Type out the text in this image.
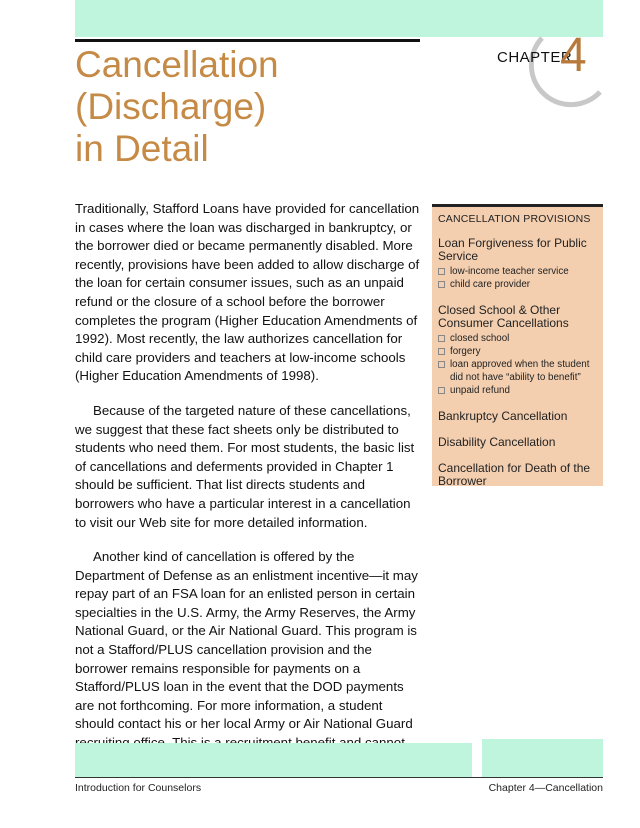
CHAPTER
4
Cancellation
(Discharge)
in Detail

Traditionally, Stafford Loans have provided for cancellation in cases where the loan was discharged in bankruptcy, or the borrower died or became permanently disabled. More recently, provisions have been added to allow discharge of the loan for certain consumer issues, such as an unpaid refund or the closure of a school before the borrower completes the program (Higher Education Amendments of 1992). Most recently, the law authorizes cancellation for child care providers and teachers at low-income schools (Higher Education Amendments of 1998).

Because of the targeted nature of these cancellations, we suggest that these fact sheets only be distributed to students who need them. For most students, the basic list of cancellations and deferments provided in Chapter 1 should be sufficient. That list directs students and borrowers who have a particular interest in a cancellation to visit our Web site for more detailed information.

Another kind of cancellation is offered by the Department of Defense as an enlistment incentive—it may repay part of an FSA loan for an enlisted person in certain specialties in the U.S. Army, the Army Reserves, the Army National Guard, or the Air National Guard. This program is not a Stafford/PLUS cancellation provision and the borrower remains responsible for payments on a Stafford/PLUS loan in the event that the DOD payments are not forthcoming. For more information, a student should contact his or her local Army or Air National Guard

CANCELLATION PROVISIONS
Loan Forgiveness for Public Service
low-income teacher service
child care provider
Closed School & Other Consumer Cancellations
closed school
forgery
loan approved when the student did not have “ability to benefit”
unpaid refund
Bankruptcy Cancellation
Disability Cancellation
Cancellation for Death of the Borrower
Introduction for Counselors	Chapter 4—Cancellation
